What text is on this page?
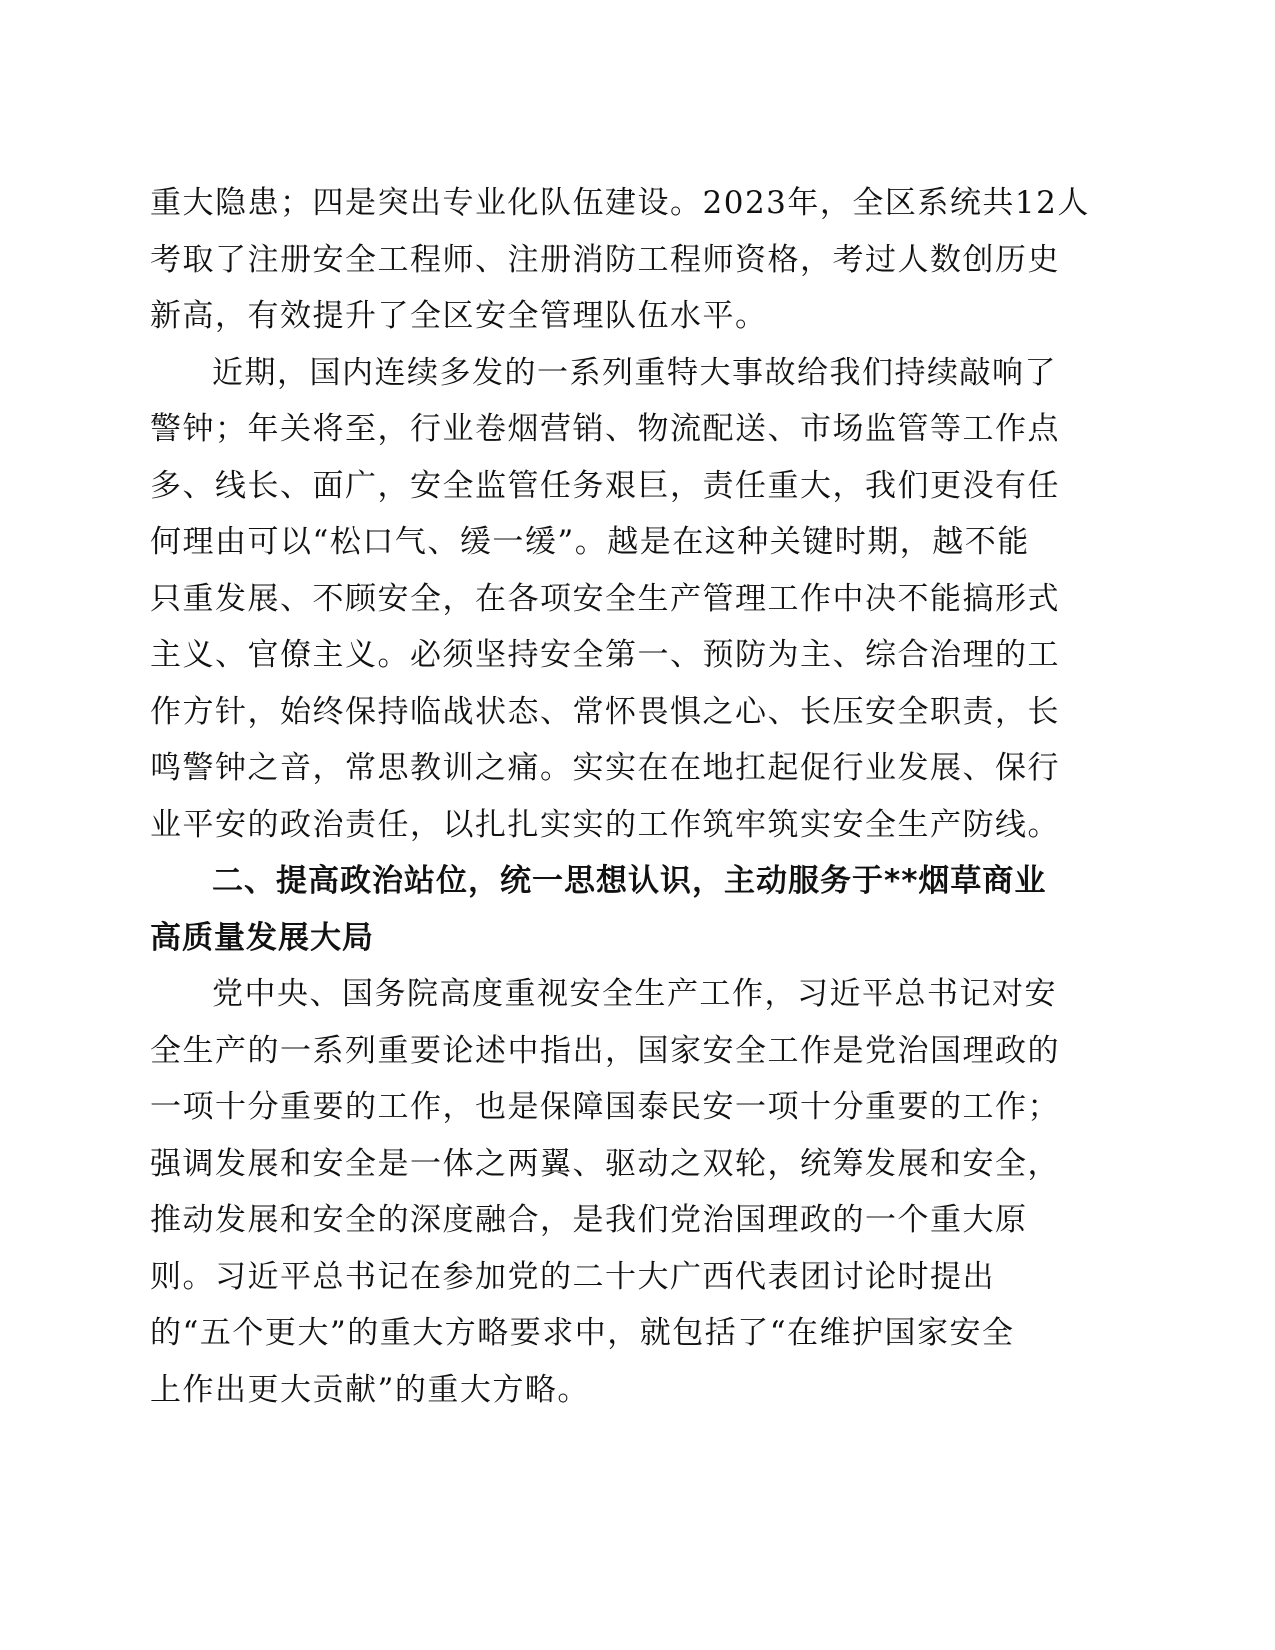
重大隐患；四是突出专业化队伍建设。2023年，全区系统共12人
考取了注册安全工程师、注册消防工程师资格，考过人数创历史
新高，有效提升了全区安全管理队伍水平。
近期，国内连续多发的一系列重特大事故给我们持续敲响了
警钟；年关将至，行业卷烟营销、物流配送、市场监管等工作点
多、线长、面广，安全监管任务艰巨，责任重大，我们更没有任
何理由可以“松口气、缓一缓”。越是在这种关键时期，越不能
只重发展、不顾安全，在各项安全生产管理工作中决不能搞形式
主义、官僚主义。必须坚持安全第一、预防为主、综合治理的工
作方针，始终保持临战状态、常怀畏惧之心、长压安全职责，长
鸣警钟之音，常思教训之痛。实实在在地扛起促行业发展、保行
业平安的政治责任，以扎扎实实的工作筑牢筑实安全生产防线。
二、提高政治站位，统一思想认识，主动服务于**烟草商业
高质量发展大局
党中央、国务院高度重视安全生产工作，习近平总书记对安
全生产的一系列重要论述中指出，国家安全工作是党治国理政的
一项十分重要的工作，也是保障国泰民安一项十分重要的工作；
强调发展和安全是一体之两翼、驱动之双轮，统筹发展和安全，
推动发展和安全的深度融合，是我们党治国理政的一个重大原
则。习近平总书记在参加党的二十大广西代表团讨论时提出
的“五个更大”的重大方略要求中，就包括了“在维护国家安全
上作出更大贡献”的重大方略。
